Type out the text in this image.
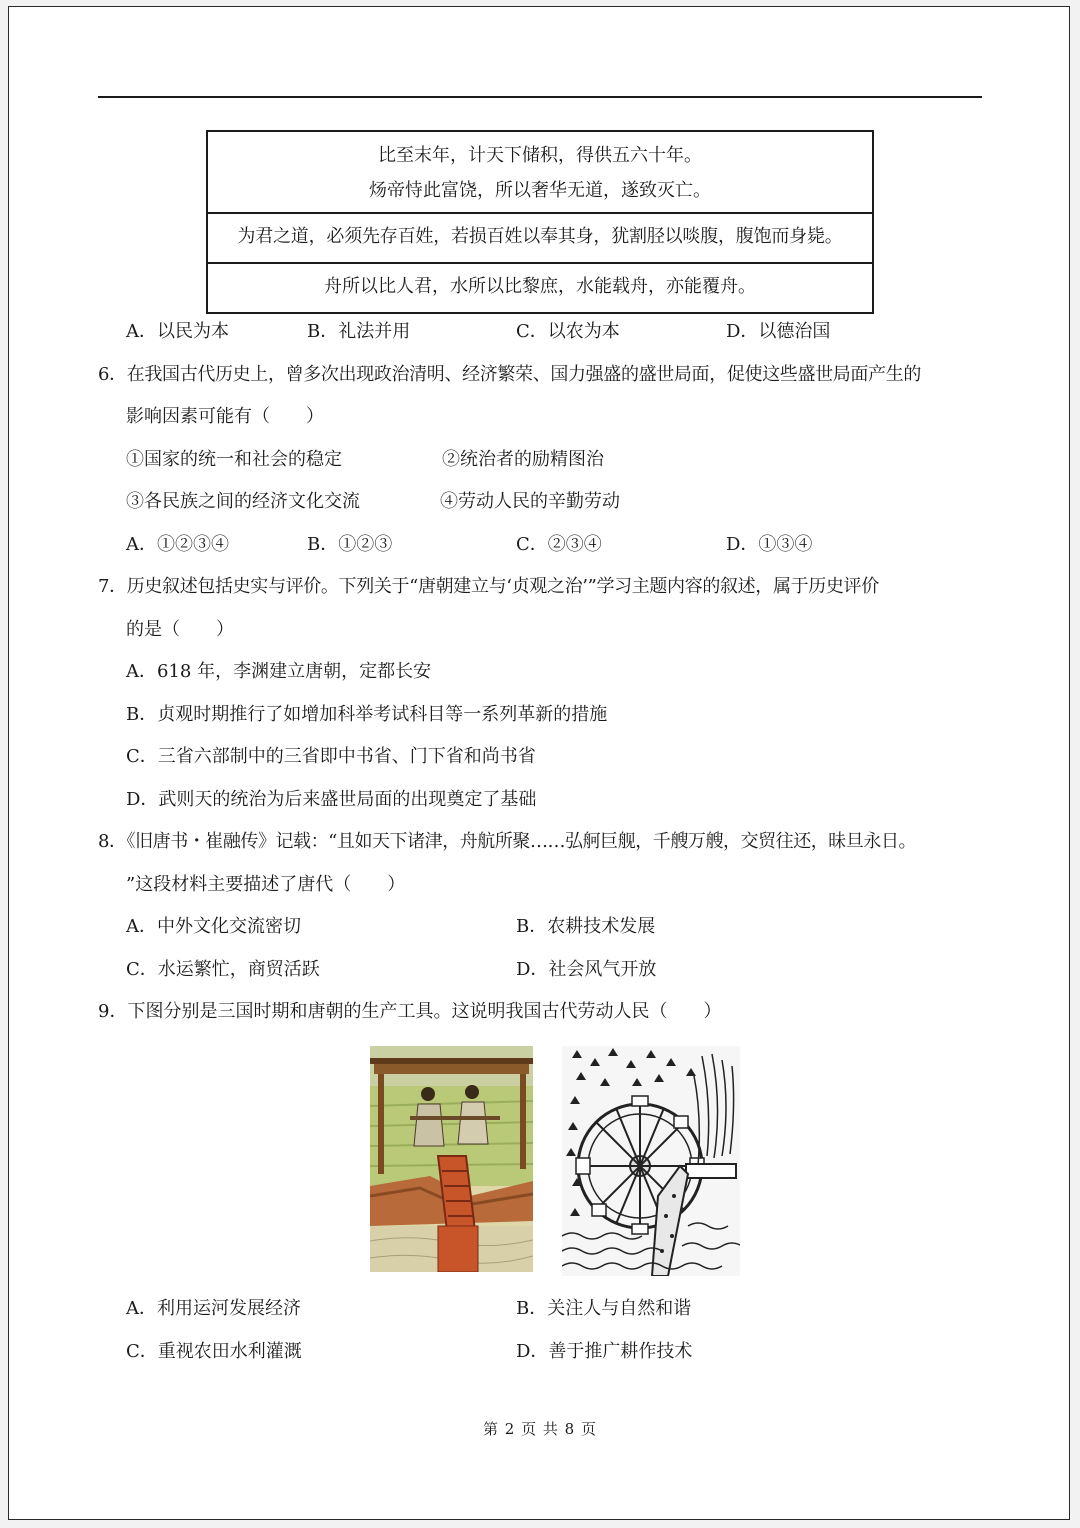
比至末年，计天下储积，得供五六十年。
炀帝恃此富饶，所以奢华无道，遂致灭亡。
为君之道，必须先存百姓，若损百姓以奉其身，犹割胫以啖腹，腹饱而身毙。
舟所以比人君，水所以比黎庶，水能载舟，亦能覆舟。
A．以民为本	B．礼法并用	C．以农为本	D．以德治国
6．在我国古代历史上，曾多次出现政治清明、经济繁荣、国力强盛的盛世局面，促使这些盛世局面产生的
影响因素可能有（　　）
①国家的统一和社会的稳定	②统治者的励精图治
③各民族之间的经济文化交流	④劳动人民的辛勤劳动
A．①②③④	B．①②③	C．②③④	D．①③④
7．历史叙述包括史实与评价。下列关于“唐朝建立与‘贞观之治’”学习主题内容的叙述，属于历史评价
的是（　　）
A．618 年，李渊建立唐朝，定都长安
B．贞观时期推行了如增加科举考试科目等一系列革新的措施
C．三省六部制中的三省即中书省、门下省和尚书省
D．武则天的统治为后来盛世局面的出现奠定了基础
8．《旧唐书・崔融传》记载：“且如天下诸津，舟航所聚……弘舸巨舰，千艘万艘，交贸往还，昧旦永日。
”这段材料主要描述了唐代（　　）
A．中外文化交流密切	B．农耕技术发展
C．水运繁忙，商贸活跃	D．社会风气开放
9．下图分别是三国时期和唐朝的生产工具。这说明我国古代劳动人民（　　）
A．利用运河发展经济	B．关注人与自然和谐
C．重视农田水利灌溉	D．善于推广耕作技术
第 2 页 共 8 页
